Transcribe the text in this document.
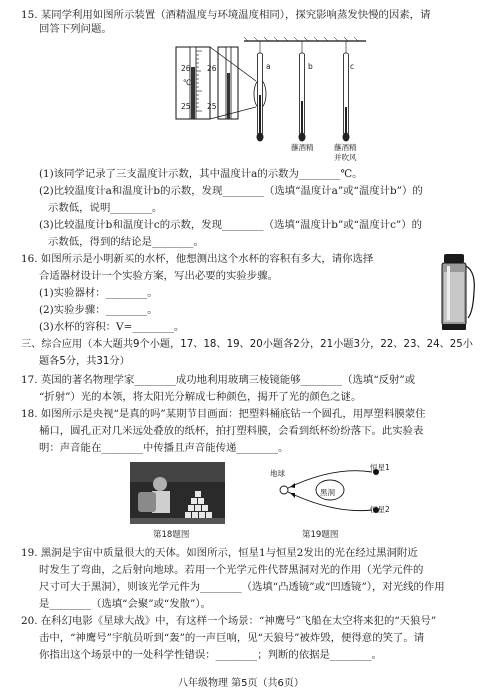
15. 某同学利用如图所示装置（酒精温度与环境温度相同），探究影响蒸发快慢的因素，请
回答下列问题。
26
℃
25
26
25
a	b	c
蘸酒精	蘸酒精
并吹风
(1)该同学记录了三支温度计示数，其中温度计a的示数为________℃。
(2)比较温度计a和温度计b的示数，发现________（选填“温度计a”或“温度计b”）的
示数低，说明________。
(3)比较温度计b和温度计c的示数，发现________（选填“温度计b”或“温度计c”）的
示数低，得到的结论是________。
16. 如图所示是小明新买的水杯，他想测出这个水杯的容积有多大，请你选择
合适器材设计一个实验方案，写出必要的实验步骤。
(1)实验器材：________。
(2)实验步骤：________。
(3)水杯的容积：V=________。
三、综合应用（本大题共9个小题，17、18、19、20小题各2分，21小题3分，22、23、24、25小
题各5分，共31分）
17. 英国的著名物理学家________成功地利用玻璃三棱镜能够________（选填“反射”或
“折射”）光的本领，将太阳光分解成七种颜色，揭开了光的颜色之谜。
18. 如图所示是央视“是真的吗”某期节目画面：把塑料桶底钻一个圆孔，用厚塑料膜蒙住
桶口，圆孔正对几米远处叠放的纸杯，拍打塑料膜，会看到纸杯纷纷落下。此实验表
明：声音能在________中传播且声音能传递________。
第18题图
地球
黑洞
恒星1
恒星2
第19题图
19. 黑洞是宇宙中质量很大的天体。如图所示，恒星1与恒星2发出的光在经过黑洞附近
时发生了弯曲，之后射向地球。若用一个光学元件代替黑洞对光的作用（光学元件的
尺寸可大于黑洞），则该光学元件为________（选填“凸透镜”或“凹透镜”），对光线的作用
是________（选填“会聚”或“发散”）。
20. 在科幻电影《星球大战》中，有这样一个场景：“神鹰号”飞船在太空将来犯的“天狼号”
击中，“神鹰号”宇航员听到“轰”的一声巨响，见“天狼号”被炸毁，便得意的笑了。请
你指出这个场景中的一处科学性错误：________；判断的依据是________。
八年级物理 第5页（共6页）
